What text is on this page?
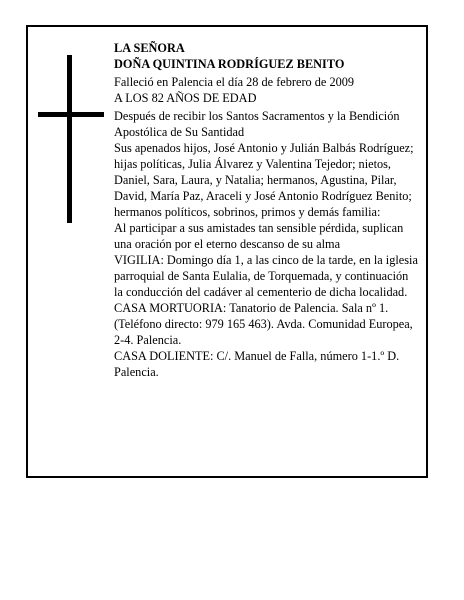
LA SEÑORA

DOÑA QUINTINA RODRÍGUEZ BENITO

Falleció en Palencia el día 28 de febrero de 2009

A LOS 82 AÑOS DE EDAD

Después de recibir los Santos Sacramentos y la Bendición Apostólica de Su Santidad

Sus apenados hijos, José Antonio y Julián Balbás Rodríguez; hijas políticas, Julia Álvarez y Valentina Tejedor; nietos, Daniel, Sara, Laura, y Natalia; hermanos, Agustina, Pilar, David, María Paz, Araceli y José Antonio Rodríguez Benito; hermanos políticos, sobrinos, primos y demás familia:

Al participar a sus amistades tan sensible pérdida, suplican una oración por el eterno descanso de su alma

VIGILIA: Domingo día 1, a las cinco de la tarde, en la iglesia parroquial de Santa Eulalia, de Torquemada, y continuación la conducción del cadáver al cementerio de dicha localidad.

CASA MORTUORIA: Tanatorio de Palencia. Sala nº 1. (Teléfono directo: 979 165 463). Avda. Comunidad Europea, 2-4. Palencia.

CASA DOLIENTE: C/. Manuel de Falla, número 1-1.º D. Palencia.
